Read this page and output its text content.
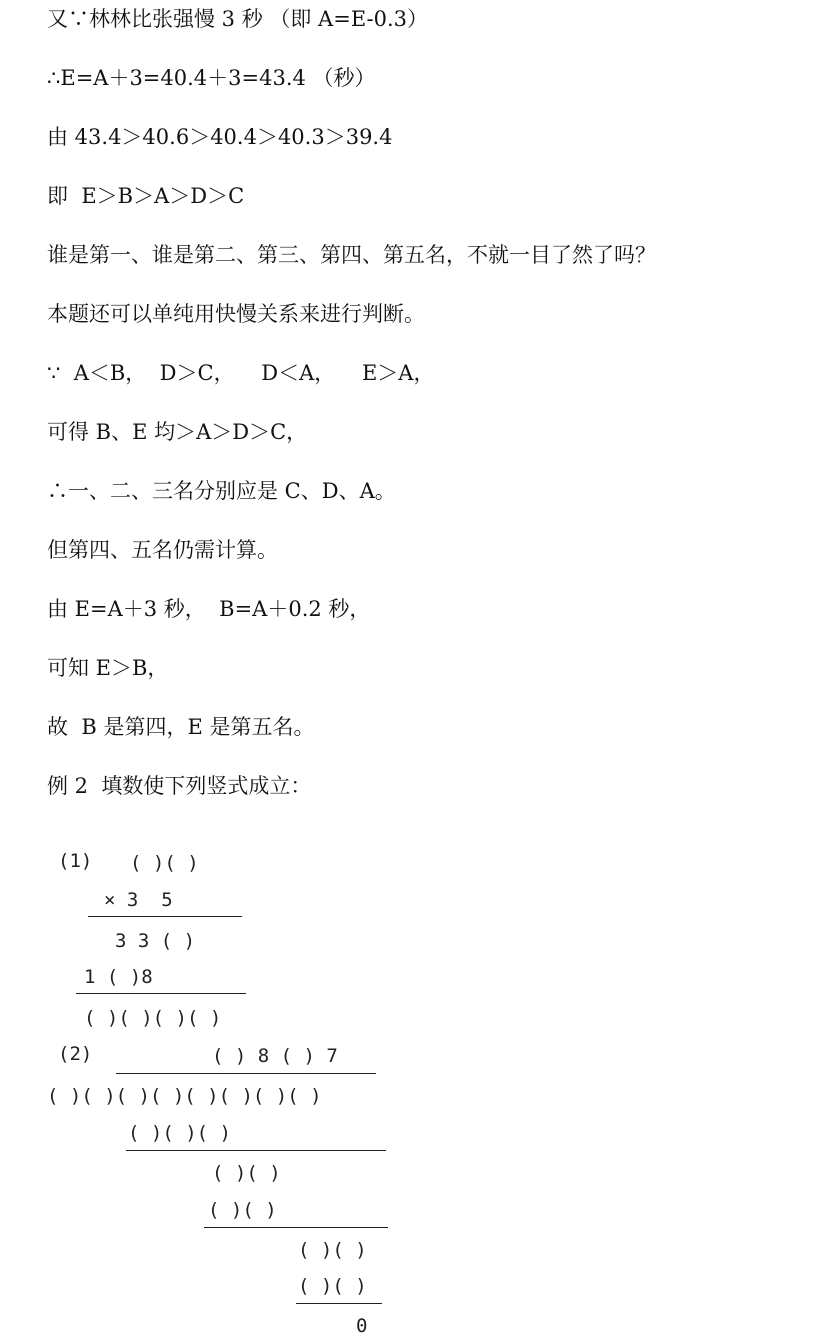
又∵林林比张强慢 3 秒 （即 A=E-0.3）
∴E=A＋3=40.4＋3=43.4 （秒）
由 43.4＞40.6＞40.4＞40.3＞39.4
即  E＞B＞A＞D＞C
谁是第一、谁是第二、第三、第四、第五名，不就一目了然了吗？
本题还可以单纯用快慢关系来进行判断。
∵  A＜B，  D＞C，    D＜A，    E＞A，
可得 B、E 均＞A＞D＞C，
∴一、二、三名分别应是 C、D、A。
但第四、五名仍需计算。
由 E=A＋3 秒，  B=A＋0.2 秒，
可知 E＞B，
故  B 是第四，E 是第五名。
例 2  填数使下列竖式成立：
(1) ( )( )
× 3  5
3 3 ( )
1 ( )8
( )( )( )( )
(2)	( ) 8 ( ) 7
( )( )( )( )( )( )( )( )
( )( )( )
( )( )
( )( )
( )( )
( )( )
0
